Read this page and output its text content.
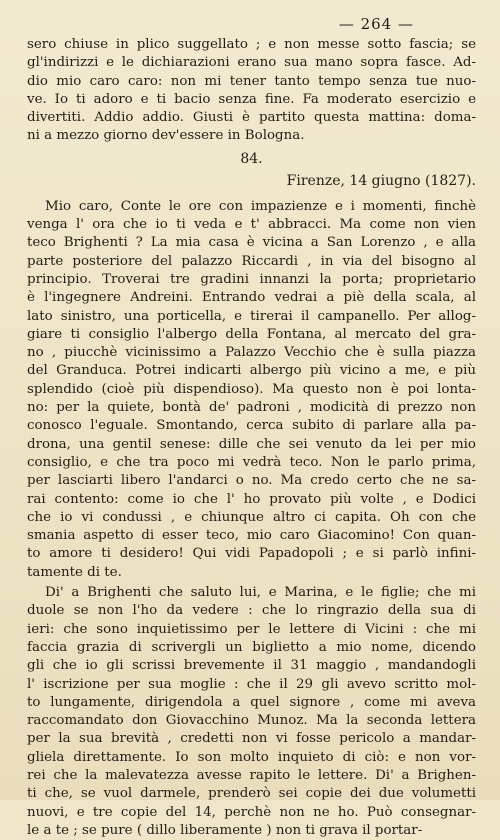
— 264 —
sero chiuse in plico suggellato ; e non messe sotto fascia; se
gl'indirizzi e le dichiarazioni erano sua mano sopra fasce. Ad-
dio mio caro caro: non mi tener tanto tempo senza tue nuo-
ve. Io ti adoro e ti bacio senza fine. Fa moderato esercizio e
divertiti. Addio addio. Giusti è partito questa mattina: doma-
ni a mezzo giorno dev'essere in Bologna.
84.
Firenze, 14 giugno (1827).
Mio caro, Conte le ore con impazienze e i momenti, finchè
venga l' ora che io ti veda e t' abbracci. Ma come non vien
teco Brighenti ? La mia casa è vicina a San Lorenzo , e alla
parte posteriore del palazzo Riccardi , in via del bisogno al
principio. Troverai tre gradini innanzi la porta; proprietario
è l'ingegnere Andreini. Entrando vedrai a piè della scala, al
lato sinistro, una porticella, e tirerai il campanello. Per allog-
giare ti consiglio l'albergo della Fontana, al mercato del gra-
no , piucchè vicinissimo a Palazzo Vecchio che è sulla piazza
del Granduca. Potrei indicarti albergo più vicino a me, e più
splendido (cioè più dispendioso). Ma questo non è poi lonta-
no: per la quiete, bontà de' padroni , modicità di prezzo non
conosco l'eguale. Smontando, cerca subito di parlare alla pa-
drona, una gentil senese: dille che sei venuto da lei per mio
consiglio, e che tra poco mi vedrà teco. Non le parlo prima,
per lasciarti libero l'andarci o no. Ma credo certo che ne sa-
rai contento: come io che l' ho provato più volte , e Dodici
che io vi condussi , e chiunque altro ci capita. Oh con che
smania aspetto di esser teco, mio caro Giacomino! Con quan-
to amore ti desidero! Qui vidi Papadopoli ; e si parlò infini-
tamente di te.
Di' a Brighenti che saluto lui, e Marina, e le figlie; che mi
duole se non l'ho da vedere : che lo ringrazio della sua di
ieri: che sono inquietissimo per le lettere di Vicini : che mi
faccia grazia di scrivergli un biglietto a mio nome, dicendo
gli che io gli scrissi brevemente il 31 maggio , mandandogli
l' iscrizione per sua moglie : che il 29 gli avevo scritto mol-
to lungamente, dirigendola a quel signore , come mi aveva
raccomandato don Giovacchino Munoz. Ma la seconda lettera
per la sua brevità , credetti non vi fosse pericolo a mandar-
gliela direttamente. Io son molto inquieto di ciò: e non vor-
rei che la malevatezza avesse rapito le lettere. Di' a Brighen-
ti che, se vuol darmele, prenderò sei copie dei due volumetti
nuovi, e tre copie del 14, perchè non ne ho. Può consegnar-
le a te ; se pure ( dillo liberamente ) non ti grava il portar-
